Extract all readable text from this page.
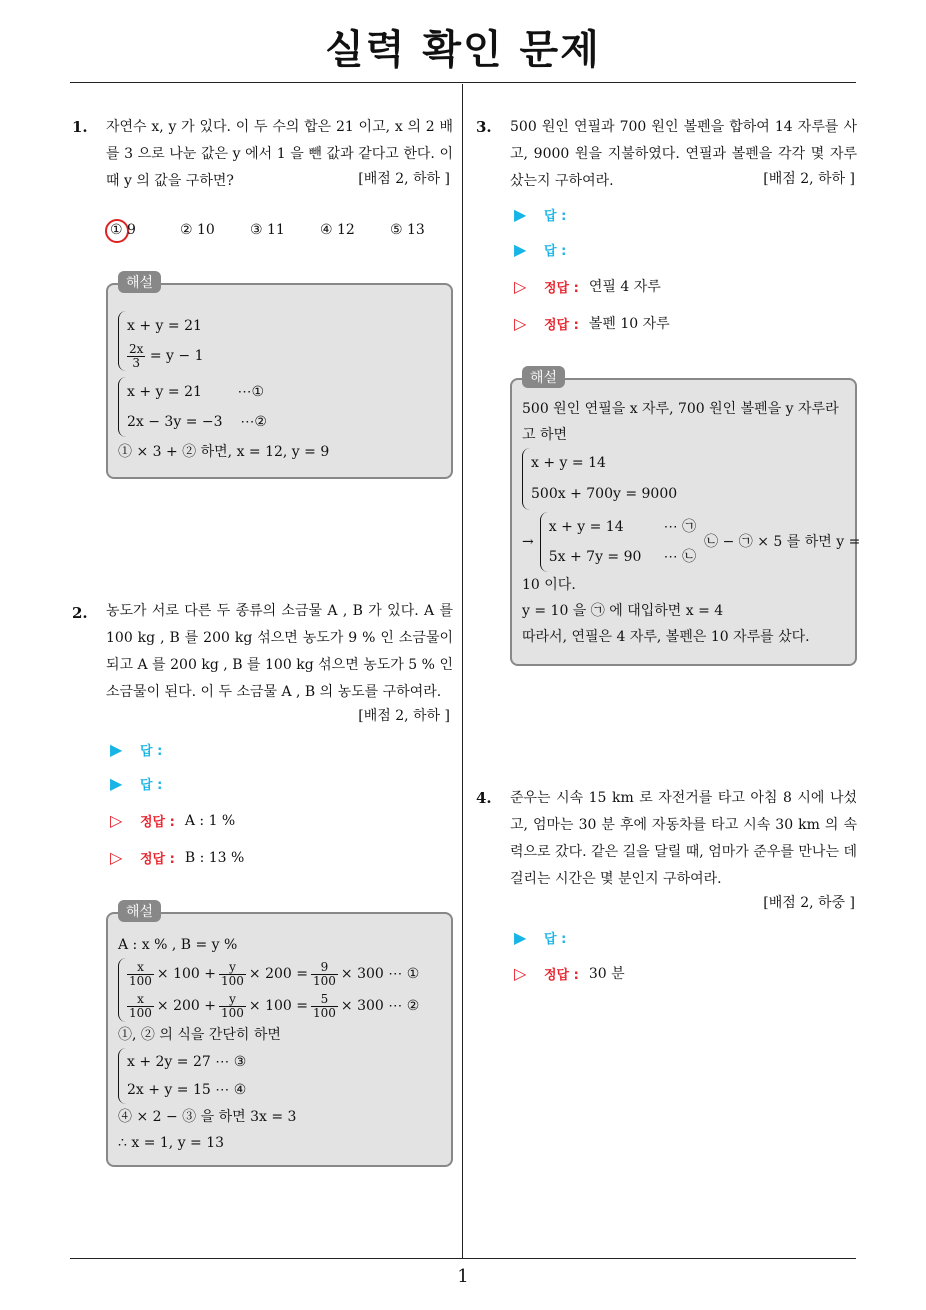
실력 확인 문제
1. 자연수 x, y 가 있다. 이 두 수의 합은 21 이고, x 의 2 배를 3 으로 나눈 값은 y 에서 1 을 뺀 값과 같다고 한다. 이 때 y 의 값을 구하면?	[배점 2, 하하 ]
① 9	② 10	③ 11	④ 12	⑤ 13
x + y = 21
$\frac{2x}{3} = y - 1$
x + y = 21        ⋯①
2x − 3y = −3    ⋯②
① × 3 + ② 하면, x = 12, y = 9
해설
2. 농도가 서로 다른 두 종류의 소금물 A , B 가 있다. A 를 100 kg , B 를 200 kg 섞으면 농도가 9 % 인 소금물이 되고 A 를 200 kg , B 를 100 kg 섞으면 농도가 5 % 인 소금물이 된다. 이 두 소금물 A , B 의 농도를 구하여라.
[배점 2, 하하 ]
▶	답 :
▶	답 :
▷	정답 : A : 1 %
▷	정답 : B : 13 %
A : x % , B = y %
$\frac{x}{100} \times 100 + \frac{y}{100} \times 200 = \frac{9}{100} \times 300$ ⋯ ①
$\frac{x}{100} \times 200 + \frac{y}{100} \times 100 = \frac{5}{100} \times 300$ ⋯ ②
①, ② 의 식을 간단히 하면
x + 2y = 27 ⋯ ③
2x + y = 15 ⋯ ④
④ × 2 − ③ 을 하면 3x = 3
∴ x = 1, y = 13
해설
3. 500 원인 연필과 700 원인 볼펜을 합하여 14 자루를 사고, 9000 원을 지불하였다. 연필과 볼펜을 각각 몇 자루 샀는지 구하여라.	[배점 2, 하하 ]
▶	답 :
▶	답 :
▷	정답 : 연필 4 자루
▷	정답 : 볼펜 10 자루
500 원인 연필을 x 자루, 700 원인 볼펜을 y 자루라고 하면
x + y = 14
500x + 700y = 9000
→
x + y = 14         ⋯ ㉠
5x + 7y = 90     ⋯ ㉡
㉡ − ㉠ × 5 를 하면 y =
10 이다.
y = 10 을 ㉠ 에 대입하면 x = 4
따라서, 연필은 4 자루, 볼펜은 10 자루를 샀다.
해설
4. 준우는 시속 15 km 로 자전거를 타고 아침 8 시에 나섰고, 엄마는 30 분 후에 자동차를 타고 시속 30 km 의 속력으로 갔다. 같은 길을 달릴 때, 엄마가 준우를 만나는 데 걸리는 시간은 몇 분인지 구하여라.
[배점 2, 하중 ]
▶	답 :
▷	정답 : 30 분
1
